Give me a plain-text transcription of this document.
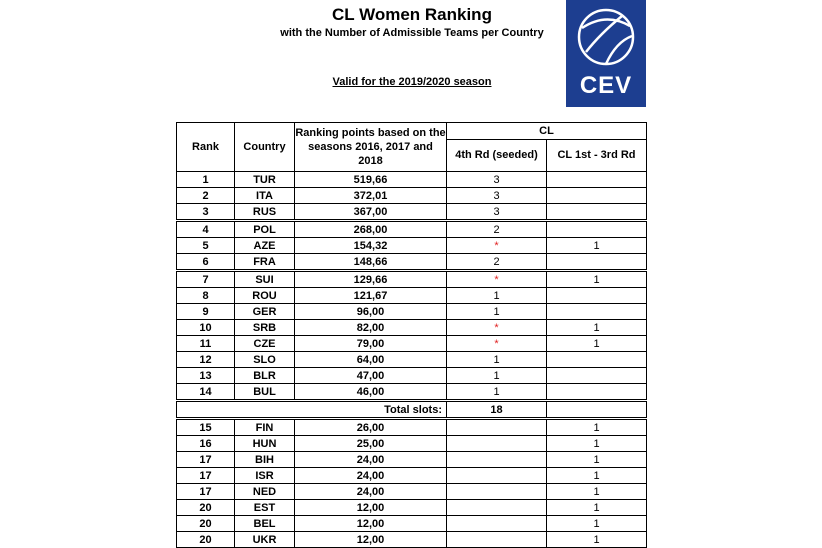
CL Women Ranking
with the Number of Admissible Teams per Country
Valid for the 2019/2020 season	CEV
Rank	Country	Ranking points based on the seasons 2016, 2017 and 2018	CL	
			4th Rd (seeded)	CL 1st - 3rd Rd
1	TUR	519,66	3	
2	ITA	372,01	3	
3	RUS	367,00	3	
4	POL	268,00	2	
5	AZE	154,32	*	1
6	FRA	148,66	2	
7	SUI	129,66	*	1
8	ROU	121,67	1	
9	GER	96,00	1	
10	SRB	82,00	*	1
11	CZE	79,00	*	1
12	SLO	64,00	1	
13	BLR	47,00	1	
14	BUL	46,00	1	
Total slots:			18	
15	FIN	26,00		1
16	HUN	25,00		1
17	BIH	24,00		1
17	ISR	24,00		1
17	NED	24,00		1
20	EST	12,00		1
20	BEL	12,00		1
20	UKR	12,00		1
